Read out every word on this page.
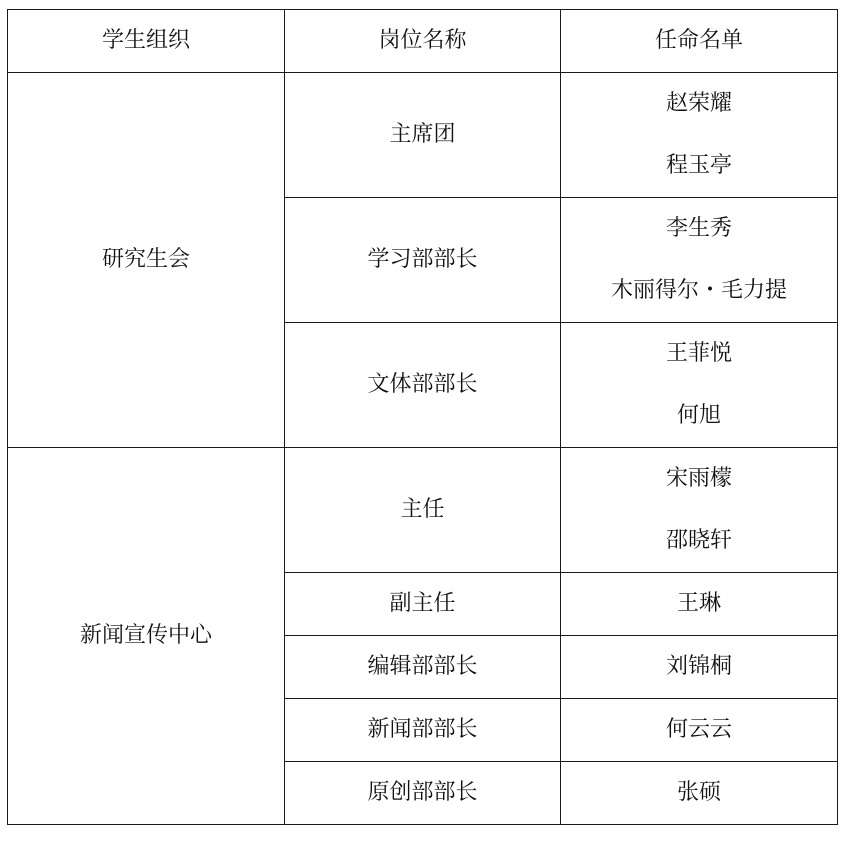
学生组织	岗位名称	任命名单
研究生会	主席团	赵荣耀
程玉亭

	学习部部长	李生秀
木丽得尔・毛力提

	文体部部长	王菲悦
何旭

新闻宣传中心	主任	宋雨檬
邵晓轩

	副主任	王琳
	编辑部部长	刘锦桐
	新闻部部长	何云云
	原创部部长	张硕
